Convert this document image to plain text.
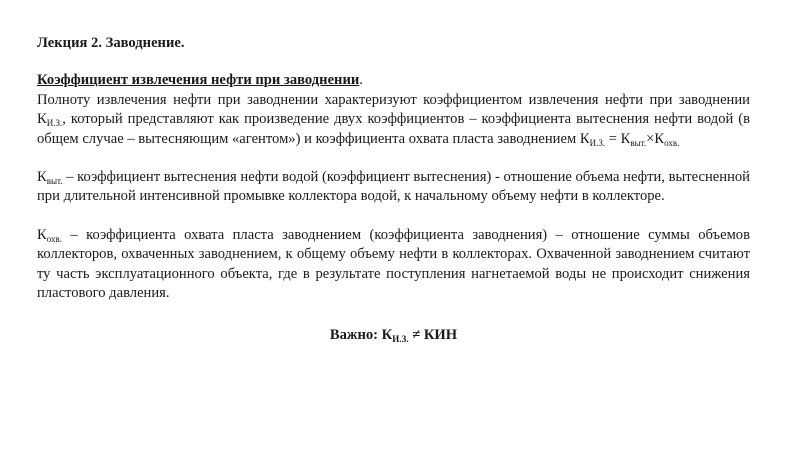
Лекция 2. Заводнение.

Коэффициент извлечения нефти при заводнении.
Полноту извлечения нефти при заводнении характеризуют коэффициентом извлечения нефти при заводнении $К_{И.З.}$, который представляют как произведение двух коэффициентов – коэффициента вытеснения нефти водой (в общем случае – вытесняющим «агентом») и коэффициента охвата пласта заводнением $К_{И.З.} = К_{выт.}\times К_{охв.}$

$К_{выт.}$ – коэффициент вытеснения нефти водой (коэффициент вытеснения) - отношение объема нефти, вытесненной при длительной интенсивной промывке коллектора водой, к начальному объему нефти в коллекторе.

$К_{охв.}$ – коэффициента охвата пласта заводнением (коэффициента заводнения) – отношение суммы объемов коллекторов, охваченных заводнением, к общему объему нефти в коллекторах. Охваченной заводнением считают ту часть эксплуатационного объекта, где в результате поступления нагнетаемой воды не происходит снижения пластового давления.

Важно: $К_{И.З.}$ ≠ КИН
